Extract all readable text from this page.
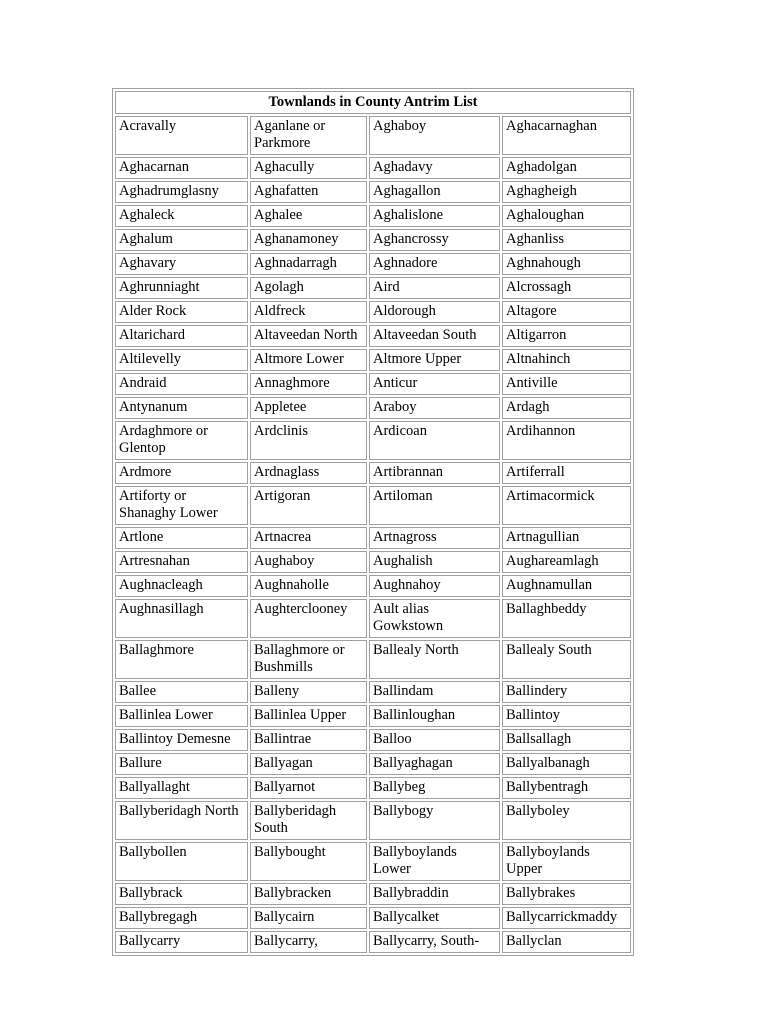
Townlands in County Antrim List			
Acravally	Aganlane or Parkmore	Aghaboy	Aghacarnaghan
Aghacarnan	Aghacully	Aghadavy	Aghadolgan
Aghadrumglasny	Aghafatten	Aghagallon	Aghagheigh
Aghaleck	Aghalee	Aghalislone	Aghaloughan
Aghalum	Aghanamoney	Aghancrossy	Aghanliss
Aghavary	Aghnadarragh	Aghnadore	Aghnahough
Aghrunniaght	Agolagh	Aird	Alcrossagh
Alder Rock	Aldfreck	Aldorough	Altagore
Altarichard	Altaveedan North	Altaveedan South	Altigarron
Altilevelly	Altmore Lower	Altmore Upper	Altnahinch
Andraid	Annaghmore	Anticur	Antiville
Antynanum	Appletee	Araboy	Ardagh
Ardaghmore or Glentop	Ardclinis	Ardicoan	Ardihannon
Ardmore	Ardnaglass	Artibrannan	Artiferrall
Artiforty or Shanaghy Lower	Artigoran	Artiloman	Artimacormick
Artlone	Artnacrea	Artnagross	Artnagullian
Artresnahan	Aughaboy	Aughalish	Aughareamlagh
Aughnacleagh	Aughnaholle	Aughnahoy	Aughnamullan
Aughnasillagh	Aughterclooney	Ault alias Gowkstown	Ballaghbeddy
Ballaghmore	Ballaghmore or Bushmills	Ballealy North	Ballealy South
Ballee	Balleny	Ballindam	Ballindery
Ballinlea Lower	Ballinlea Upper	Ballinloughan	Ballintoy
Ballintoy Demesne	Ballintrae	Balloo	Ballsallagh
Ballure	Ballyagan	Ballyaghagan	Ballyalbanagh
Ballyallaght	Ballyarnot	Ballybeg	Ballybentragh
Ballyberidagh North	Ballyberidagh South	Ballybogy	Ballyboley
Ballybollen	Ballybought	Ballyboylands Lower	Ballyboylands Upper
Ballybrack	Ballybracken	Ballybraddin	Ballybrakes
Ballybregagh	Ballycairn	Ballycalket	Ballycarrickmaddy
Ballycarry	Ballycarry,	Ballycarry, South-	Ballyclan
